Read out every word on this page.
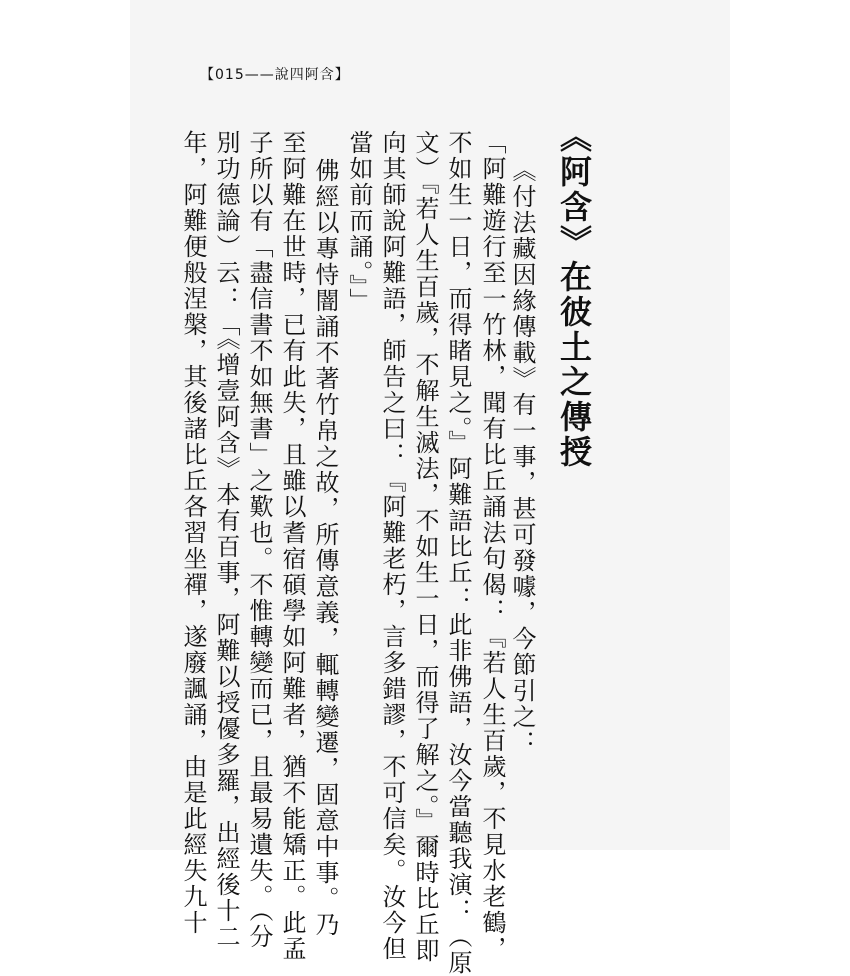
【015——說四阿含】
《阿含》在彼土之傳授
《付法藏因緣傳載》有一事，甚可發噱，今節引之：
「阿難遊行至一竹林，聞有比丘誦法句偈：『若人生百歲，不見水老鶴，
不如生一日，而得睹見之。』阿難語比丘：此非佛語，汝今當聽我演：（原
文）『若人生百歲，不解生滅法，不如生一日，而得了解之。』爾時比丘即
向其師說阿難語，師告之曰：『阿難老朽，言多錯謬，不可信矣。汝今但
當如前而誦。』」
佛經以專恃闇誦不著竹帛之故，所傳意義，輒轉變遷，固意中事。乃
至阿難在世時，已有此失，且雖以耆宿碩學如阿難者，猶不能矯正。此孟
子所以有「盡信書不如無書」之歎也。不惟轉變而已，且最易遺失。（分
別功德論）云：「《增壹阿含》本有百事，阿難以授優多羅，出經後十二
年，阿難便般涅槃，其後諸比丘各習坐禪，遂廢諷誦，由是此經失九十
